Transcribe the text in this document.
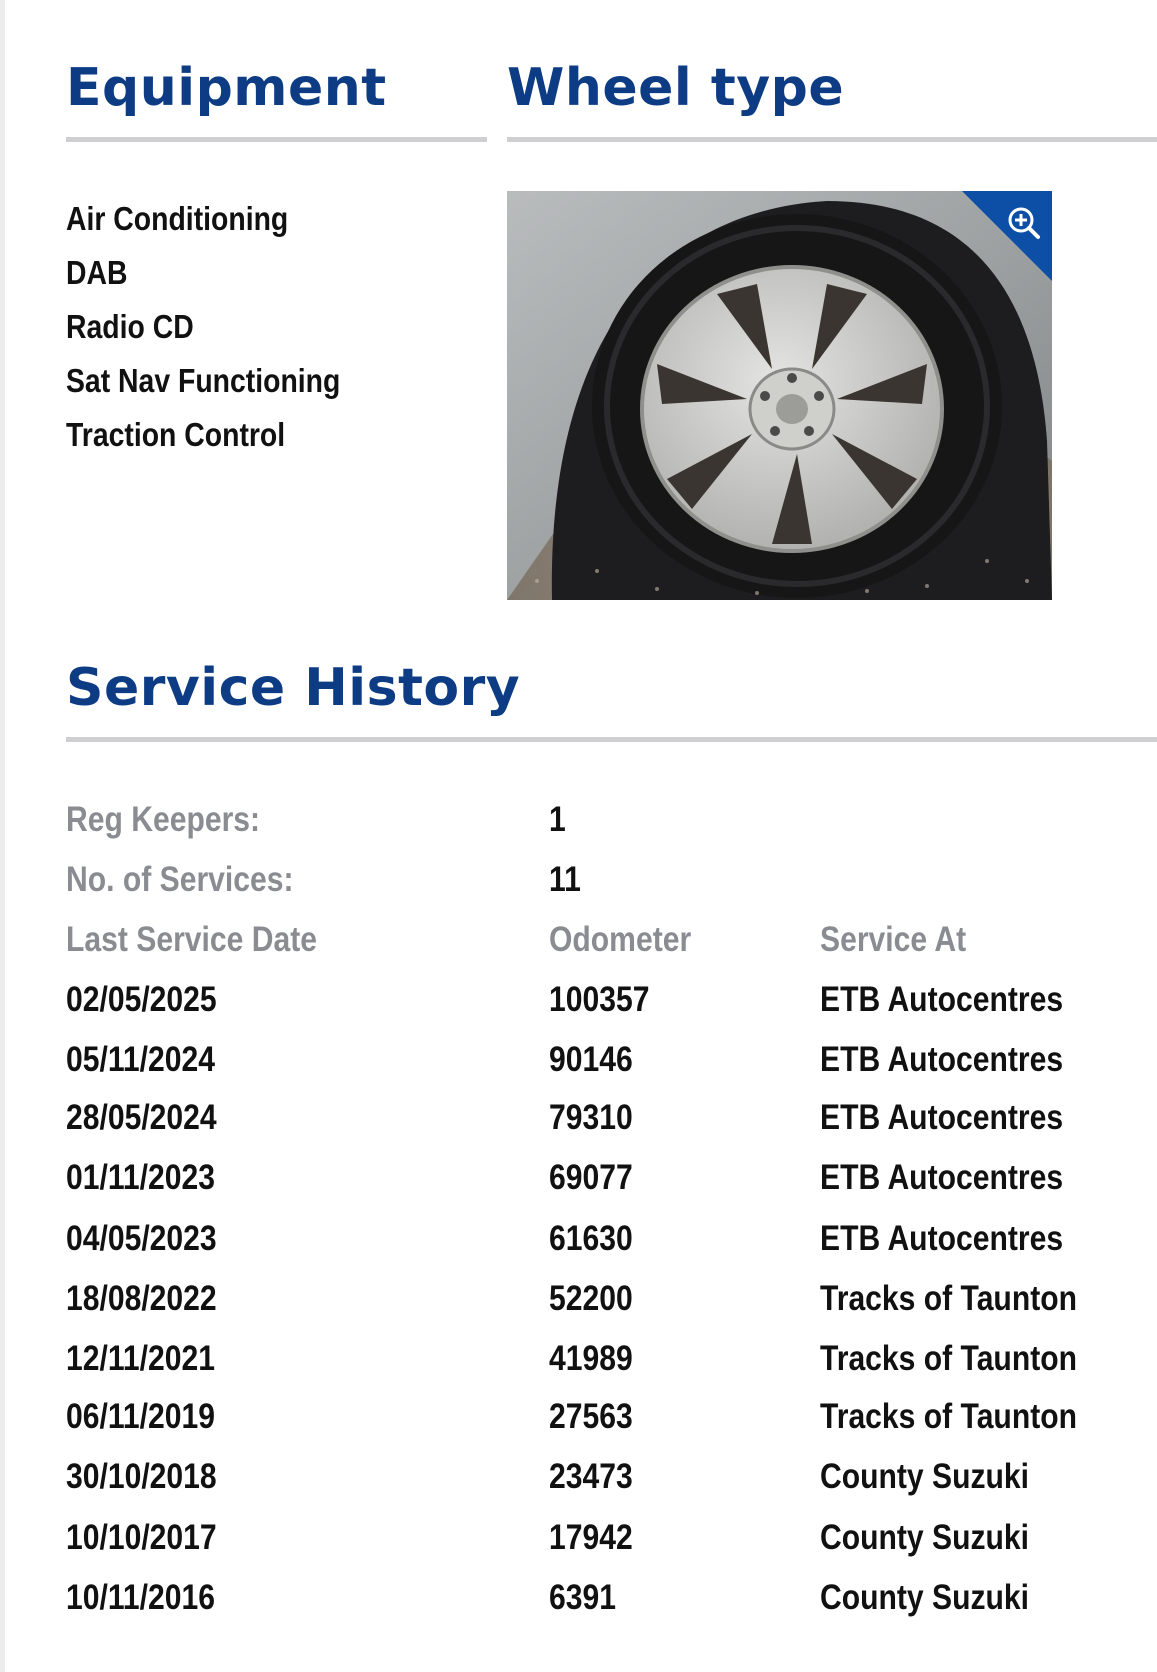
Equipment
Air Conditioning
DAB
Radio CD
Sat Nav Functioning
Traction Control
Wheel type
Service History
Reg Keepers:	1
No. of Services:	11
Last Service Date	Odometer	Service At
02/05/2025	100357	ETB Autocentres
05/11/2024	90146	ETB Autocentres
28/05/2024	79310	ETB Autocentres
01/11/2023	69077	ETB Autocentres
04/05/2023	61630	ETB Autocentres
18/08/2022	52200	Tracks of Taunton
12/11/2021	41989	Tracks of Taunton
06/11/2019	27563	Tracks of Taunton
30/10/2018	23473	County Suzuki
10/10/2017	17942	County Suzuki
10/11/2016	6391	County Suzuki
